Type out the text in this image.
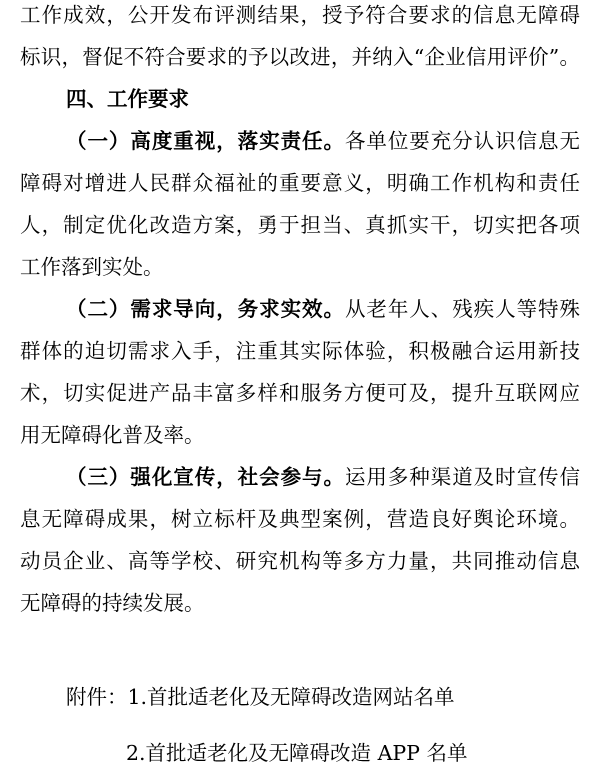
工作成效，公开发布评测结果，授予符合要求的信息无障碍
标识，督促不符合要求的予以改进，并纳入“企业信用评价”。
四、工作要求
（一）高度重视，落实责任。各单位要充分认识信息无
障碍对增进人民群众福祉的重要意义，明确工作机构和责任
人，制定优化改造方案，勇于担当、真抓实干，切实把各项
工作落到实处。
（二）需求导向，务求实效。从老年人、残疾人等特殊
群体的迫切需求入手，注重其实际体验，积极融合运用新技
术，切实促进产品丰富多样和服务方便可及，提升互联网应
用无障碍化普及率。
（三）强化宣传，社会参与。运用多种渠道及时宣传信
息无障碍成果，树立标杆及典型案例，营造良好舆论环境。
动员企业、高等学校、研究机构等多方力量，共同推动信息
无障碍的持续发展。
附件：1.首批适老化及无障碍改造网站名单
2.首批适老化及无障碍改造 APP 名单
